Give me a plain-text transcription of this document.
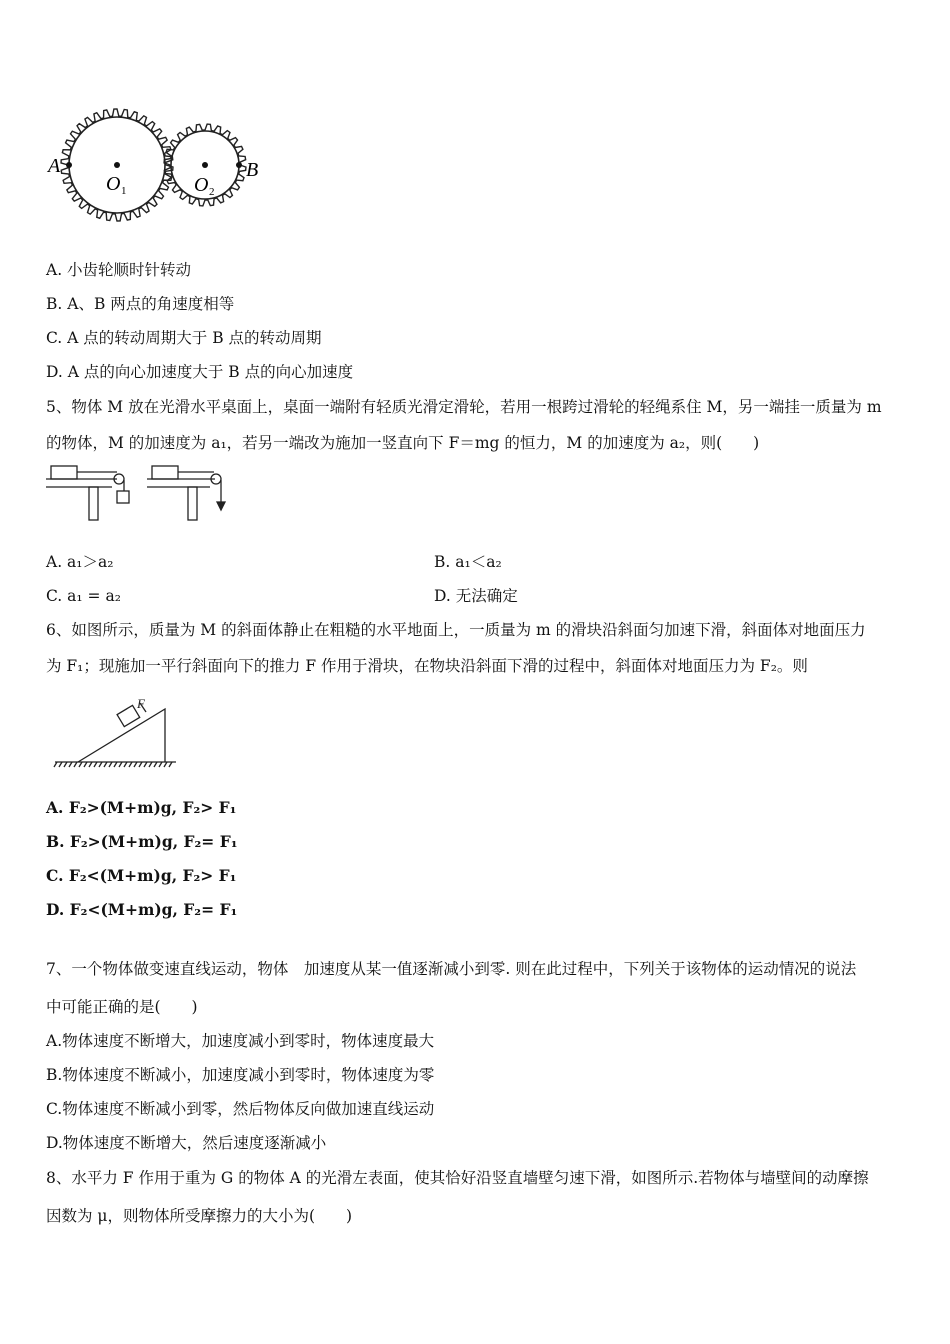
A	B
O 1	O 2
A. 小齿轮顺时针转动
B. A、B 两点的角速度相等
C. A 点的转动周期大于 B 点的转动周期
D. A 点的向心加速度大于 B 点的向心加速度
5、物体 M 放在光滑水平桌面上，桌面一端附有轻质光滑定滑轮，若用一根跨过滑轮的轻绳系住 M，另一端挂一质量为 m
的物体，M 的加速度为 a₁，若另一端改为施加一竖直向下 F＝mg 的恒力，M 的加速度为 a₂，则(　　)
A. a₁＞a₂	B. a₁＜a₂
C. a₁ = a₂	D. 无法确定
6、如图所示，质量为 M 的斜面体静止在粗糙的水平地面上，一质量为 m 的滑块沿斜面匀加速下滑，斜面体对地面压力
为 F₁；现施加一平行斜面向下的推力 F 作用于滑块，在物块沿斜面下滑的过程中，斜面体对地面压力为 F₂。则
F
A. F₂>(M+m)g, F₂> F₁
B. F₂>(M+m)g, F₂= F₁
C. F₂<(M+m)g, F₂> F₁
D. F₂<(M+m)g, F₂= F₁
7、一个物体做变速直线运动，物体　加速度从某一值逐渐减小到零. 则在此过程中，下列关于该物体的运动情况的说法
中可能正确的是(　　)
A.物体速度不断增大，加速度减小到零时，物体速度最大
B.物体速度不断减小，加速度减小到零时，物体速度为零
C.物体速度不断减小到零，然后物体反向做加速直线运动
D.物体速度不断增大，然后速度逐渐减小
8、水平力 F 作用于重为 G 的物体 A 的光滑左表面，使其恰好沿竖直墙壁匀速下滑，如图所示.若物体与墙壁间的动摩擦
因数为 μ，则物体所受摩擦力的大小为(　　)
